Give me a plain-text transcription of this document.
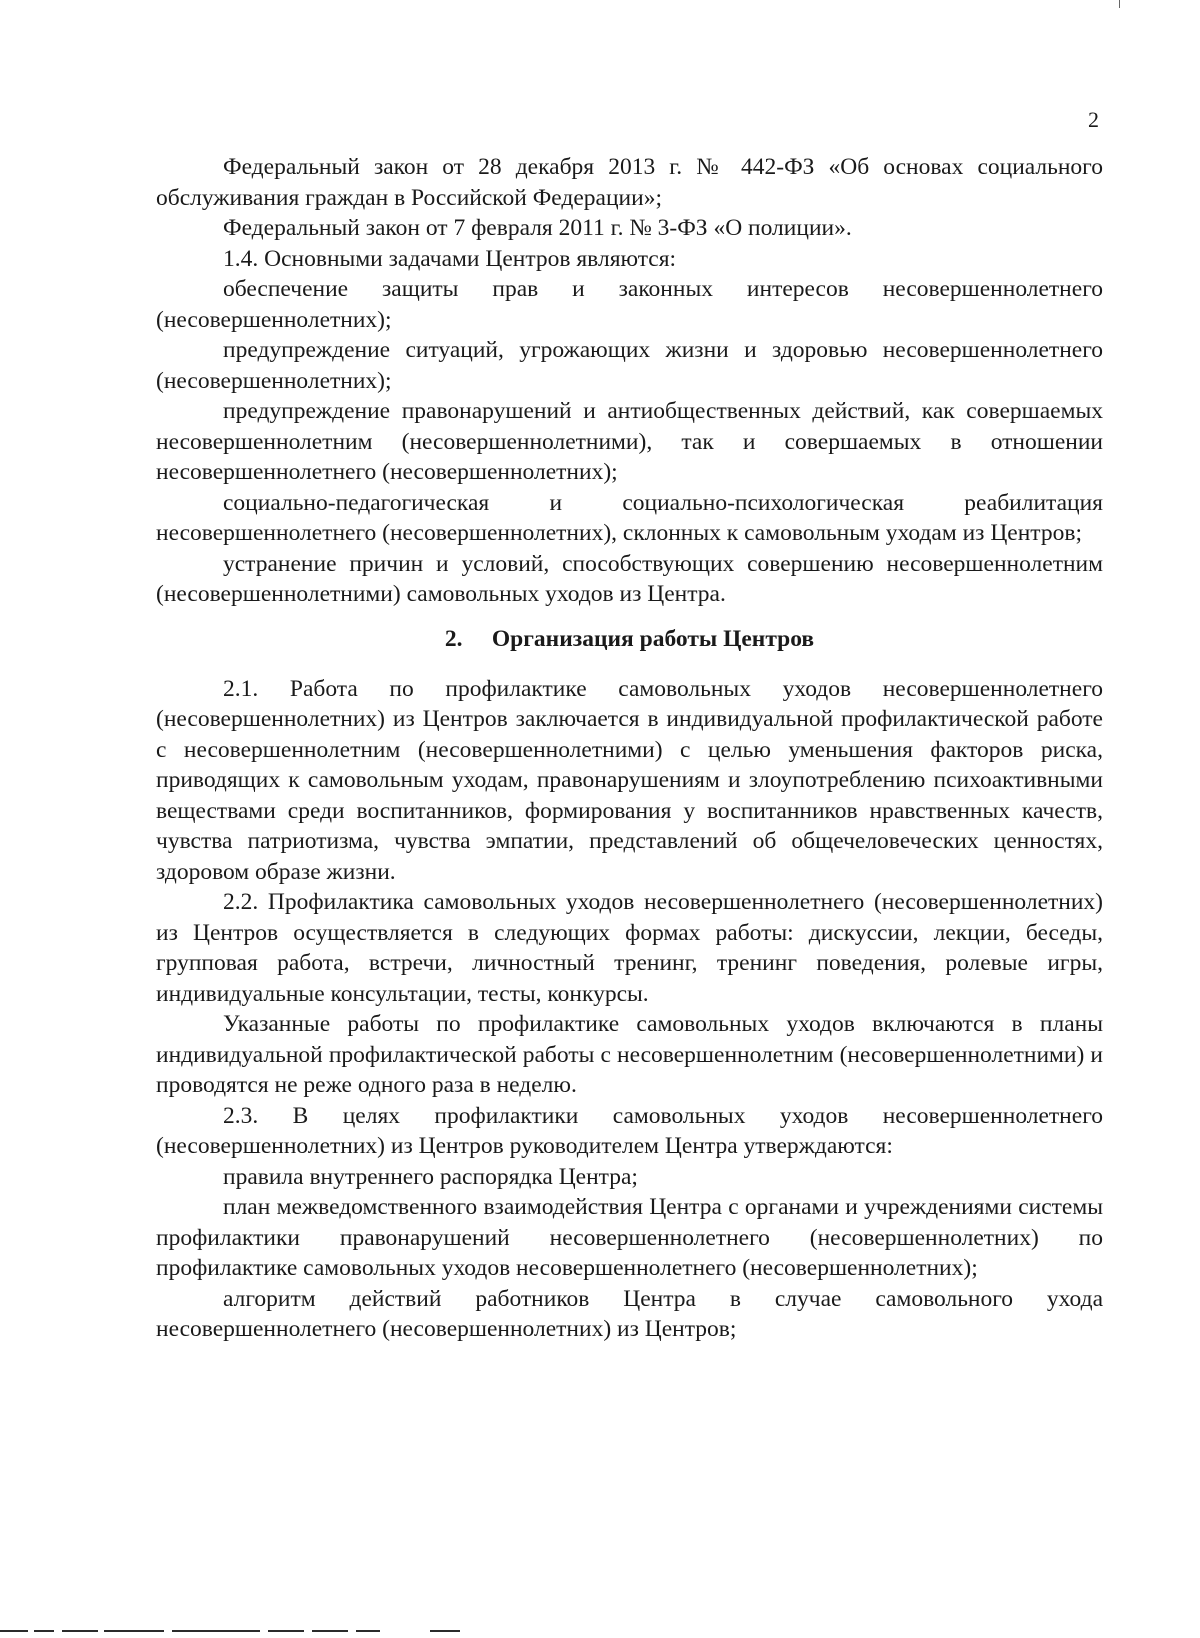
2

Федеральный закон от 28 декабря 2013 г. № 442-ФЗ «Об основах социального обслуживания граждан в Российской Федерации»;

Федеральный закон от 7 февраля 2011 г. № 3-ФЗ «О полиции».

1.4. Основными задачами Центров являются:

обеспечение защиты прав и законных интересов несовершеннолетнего (несовершеннолетних);

предупреждение ситуаций, угрожающих жизни и здоровью несовершеннолетнего (несовершеннолетних);

предупреждение правонарушений и антиобщественных действий, как совершаемых несовершеннолетним (несовершеннолетними), так и совершаемых в отношении несовершеннолетнего (несовершеннолетних);

социально-педагогическая и социально-психологическая реабилитация несовершеннолетнего (несовершеннолетних), склонных к самовольным уходам из Центров;

устранение причин и условий, способствующих совершению несовершеннолетним (несовершеннолетними) самовольных уходов из Центра.

2. Организация работы Центров

2.1. Работа по профилактике самовольных уходов несовершеннолетнего (несовершеннолетних) из Центров заключается в индивидуальной профилактической работе с несовершеннолетним (несовершеннолетними) с целью уменьшения факторов риска, приводящих к самовольным уходам, правонарушениям и злоупотреблению психоактивными веществами среди воспитанников, формирования у воспитанников нравственных качеств, чувства патриотизма, чувства эмпатии, представлений об общечеловеческих ценностях, здоровом образе жизни.

2.2. Профилактика самовольных уходов несовершеннолетнего (несовершеннолетних) из Центров осуществляется в следующих формах работы: дискуссии, лекции, беседы, групповая работа, встречи, личностный тренинг, тренинг поведения, ролевые игры, индивидуальные консультации, тесты, конкурсы.

Указанные работы по профилактике самовольных уходов включаются в планы индивидуальной профилактической работы с несовершеннолетним (несовершеннолетними) и проводятся не реже одного раза в неделю.

2.3. В целях профилактики самовольных уходов несовершеннолетнего (несовершеннолетних) из Центров руководителем Центра утверждаются:

правила внутреннего распорядка Центра;

план межведомственного взаимодействия Центра с органами и учреждениями системы профилактики правонарушений несовершеннолетнего (несовершеннолетних) по профилактике самовольных уходов несовершеннолетнего (несовершеннолетних);

алгоритм действий работников Центра в случае самовольного ухода несовершеннолетнего (несовершеннолетних) из Центров;
